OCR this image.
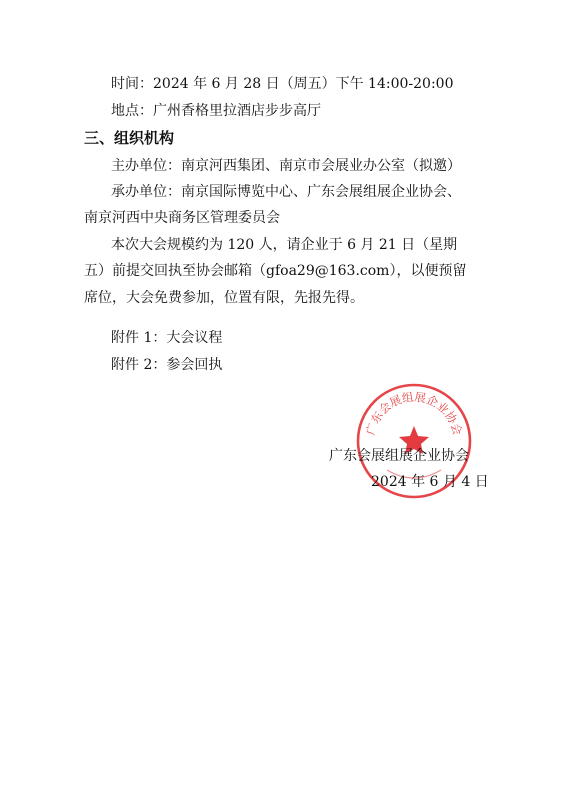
时间：2024 年 6 月 28 日（周五）下午 14:00-20:00
地点：广州香格里拉酒店步步高厅
三、组织机构
主办单位：南京河西集团、南京市会展业办公室（拟邀）
承办单位：南京国际博览中心、广东会展组展企业协会、
南京河西中央商务区管理委员会
本次大会规模约为 120 人，请企业于 6 月 21 日（星期
五）前提交回执至协会邮箱（gfoa29@163.com），以便预留
席位，大会免费参加，位置有限，先报先得。
附件 1：大会议程
附件 2：参会回执
广东会展组展企业协会
广东会展组展企业协会
2024 年 6 月 4 日
